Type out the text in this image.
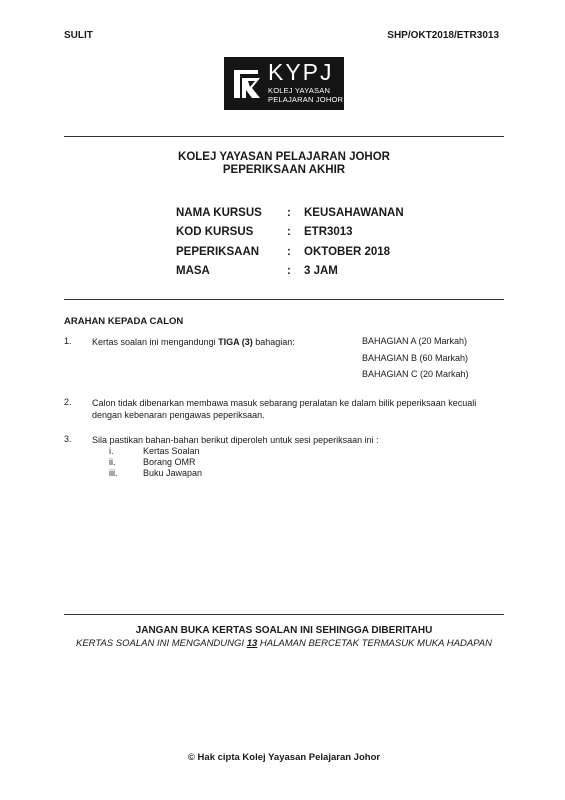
SULIT	SHP/OKT2018/ETR3013
KYPJ
KOLEJ YAYASAN
PELAJARAN JOHOR
KOLEJ YAYASAN PELAJARAN JOHOR
PEPERIKSAAN AKHIR
NAMA KURSUS : KEUSAHAWANAN
KOD KURSUS	: ETR3013
PEPERIKSAAN : OKTOBER 2018
MASA	: 3 JAM
ARAHAN KEPADA CALON
1. Kertas soalan ini mengandungi TIGA (3) bahagian:	BAHAGIAN A (20 Markah)
BAHAGIAN B (60 Markah)
BAHAGIAN C (20 Markah)
2. Calon tidak dibenarkan membawa masuk sebarang peralatan ke dalam bilik peperiksaan kecuali dengan kebenaran pengawas peperiksaan.
3. Sila pastikan bahan-bahan berikut diperoleh untuk sesi peperiksaan ini :
i.	Kertas Soalan
ii.	Borang OMR
iii.	Buku Jawapan
JANGAN BUKA KERTAS SOALAN INI SEHINGGA DIBERITAHU
KERTAS SOALAN INI MENGANDUNGI 13 HALAMAN BERCETAK TERMASUK MUKA HADAPAN
© Hak cipta Kolej Yayasan Pelajaran Johor
